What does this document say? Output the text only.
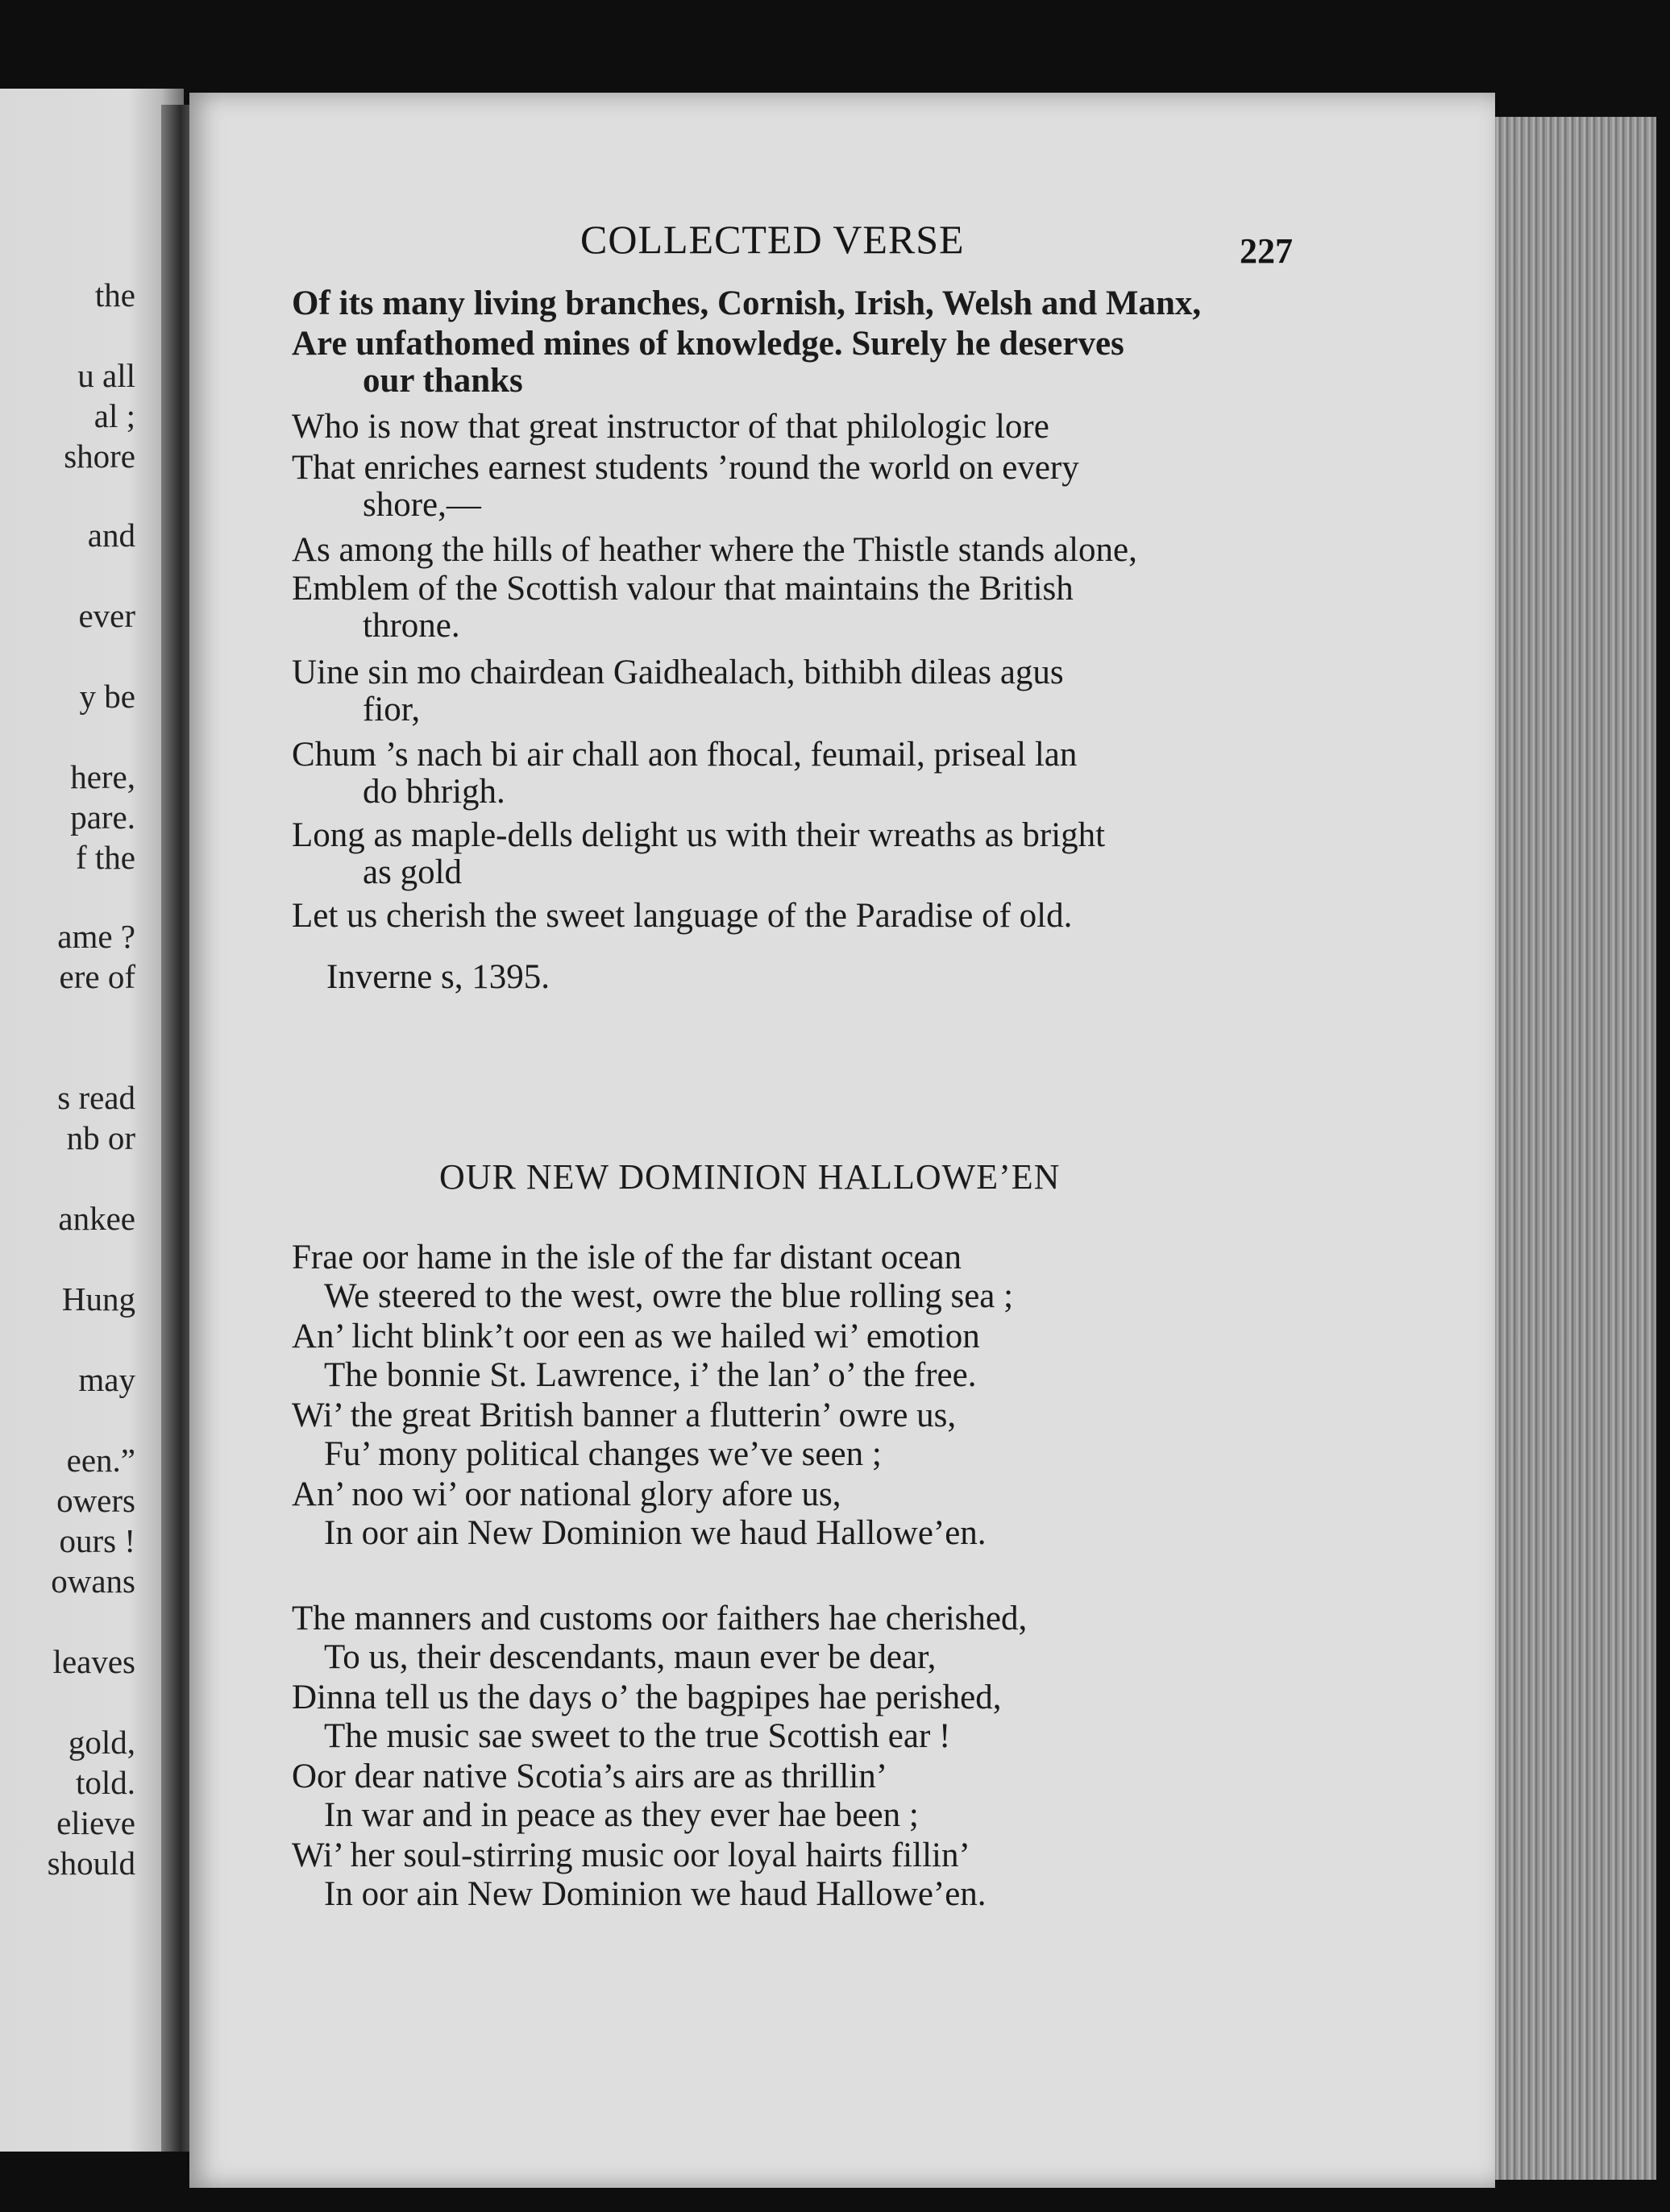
the
u all
al ;
shore
and
ever
y be
here,
pare.
f the
ame ?
ere of
s read
nb or
ankee
Hung
may
een.”
owers
ours !
owans
leaves
gold,
told.
elieve
should
COLLECTED VERSE	227
Of its many living branches, Cornish, Irish, Welsh and Manx,
Are unfathomed mines of knowledge. Surely he deserves
our thanks
Who is now that great instructor of that philologic lore
That enriches earnest students ’round the world on every
shore,—
As among the hills of heather where the Thistle stands alone,
Emblem of the Scottish valour that maintains the British
throne.
Uine sin mo chairdean Gaidhealach, bithibh dileas agus
fior,
Chum ’s nach bi air chall aon fhocal, feumail, priseal lan
do bhrigh.
Long as maple-dells delight us with their wreaths as bright
as gold
Let us cherish the sweet language of the Paradise of old.
Inverne s, 1395.
OUR NEW DOMINION HALLOWE’EN
Frae oor hame in the isle of the far distant ocean
We steered to the west, owre the blue rolling sea ;
An’ licht blink’t oor een as we hailed wi’ emotion
The bonnie St. Lawrence, i’ the lan’ o’ the free.
Wi’ the great British banner a flutterin’ owre us,
Fu’ mony political changes we’ve seen ;
An’ noo wi’ oor national glory afore us,
In oor ain New Dominion we haud Hallowe’en.
The manners and customs oor faithers hae cherished,
To us, their descendants, maun ever be dear,
Dinna tell us the days o’ the bagpipes hae perished,
The music sae sweet to the true Scottish ear !
Oor dear native Scotia’s airs are as thrillin’
In war and in peace as they ever hae been ;
Wi’ her soul-stirring music oor loyal hairts fillin’
In oor ain New Dominion we haud Hallowe’en.
